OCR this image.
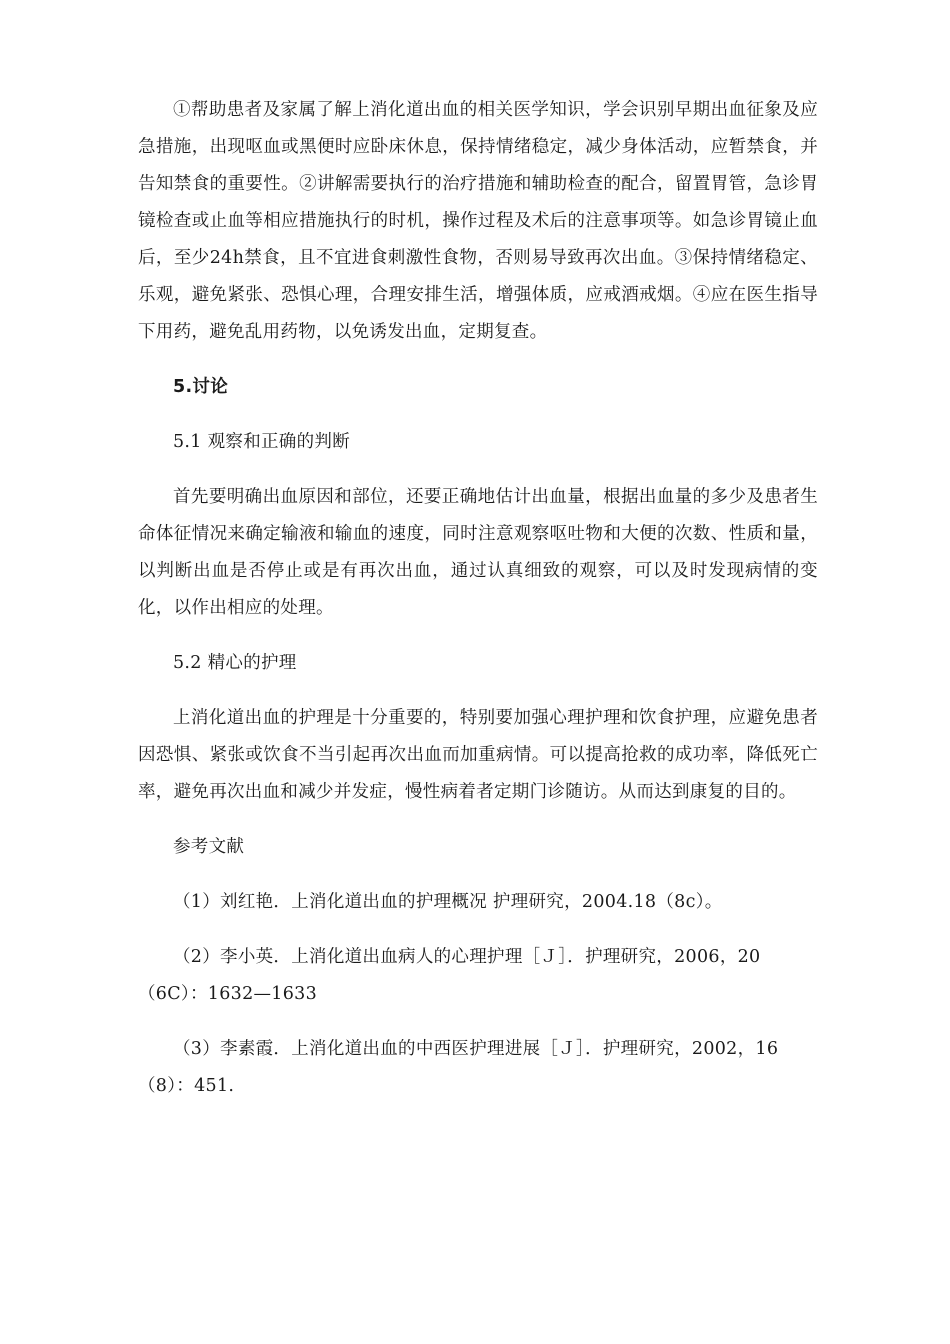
①帮助患者及家属了解上消化道出血的相关医学知识，学会识别早期出血征象及应急措施，出现呕血或黑便时应卧床休息，保持情绪稳定，减少身体活动，应暂禁食，并告知禁食的重要性。②讲解需要执行的治疗措施和辅助检查的配合，留置胃管，急诊胃镜检查或止血等相应措施执行的时机，操作过程及术后的注意事项等。如急诊胃镜止血后，至少24h禁食，且不宜进食刺激性食物，否则易导致再次出血。③保持情绪稳定、乐观，避免紧张、恐惧心理，合理安排生活，增强体质，应戒酒戒烟。④应在医生指导下用药，避免乱用药物，以免诱发出血，定期复查。

5.讨论

5.1 观察和正确的判断

首先要明确出血原因和部位，还要正确地估计出血量，根据出血量的多少及患者生命体征情况来确定输液和输血的速度，同时注意观察呕吐物和大便的次数、性质和量，以判断出血是否停止或是有再次出血，通过认真细致的观察，可以及时发现病情的变化，以作出相应的处理。

5.2 精心的护理

上消化道出血的护理是十分重要的，特别要加强心理护理和饮食护理，应避免患者因恐惧、紧张或饮食不当引起再次出血而加重病情。可以提高抢救的成功率，降低死亡率，避免再次出血和减少并发症，慢性病着者定期门诊随访。从而达到康复的目的。

参考文献

（1）刘红艳．上消化道出血的护理概况 护理研究，2004.18（8c）。

（2）李小英．上消化道出血病人的心理护理［Ｊ］．护理研究，2006，20（6C）：1632—1633

（3）李素霞．上消化道出血的中西医护理进展［Ｊ］．护理研究，2002，16（8）：451.
